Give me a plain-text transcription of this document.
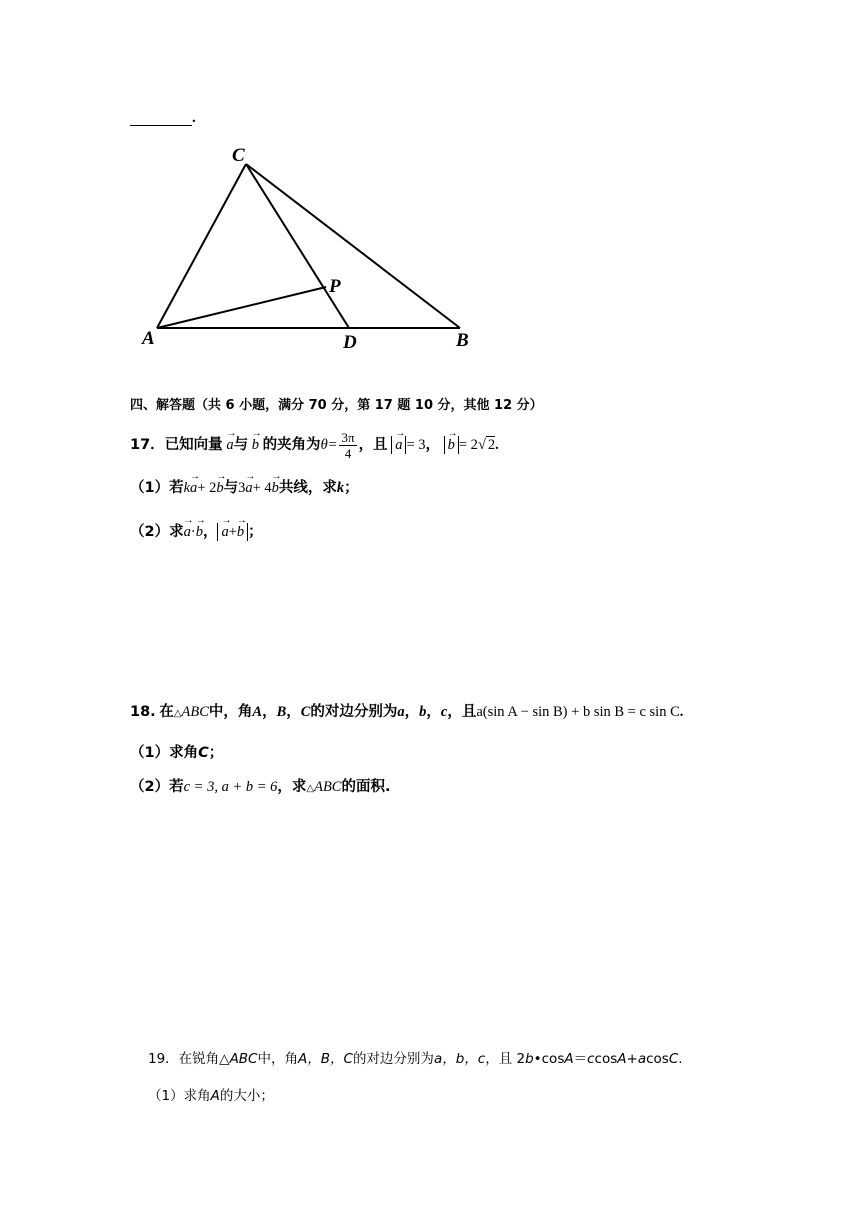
.
C
P
A	D	B
四、解答题（共 6 小题，满分 70 分，第 17 题 10 分，其他 12 分）
17．已知向量 → a与 → b 的夹角为$\theta= \frac{3\pi}{4}$ ，且 → a = 3， → b = 2√ 2.
（1）若k→ a+ 2→ b与3→ a+ 4→ b共线，求k；
（2）求→ a·→ b， → a+→ b ；
18. 在△ABC中，角A，B，C的对边分别为a，b，c，且a(sin A − sin B) + b sin B = c sin C.
（1）求角C；
（2）若c = 3, a + b = 6，求△ABC的面积.
19．在锐角△ABC中，角A，B，C的对边分别为a，b，c，且 2b•cosA＝ccosA+acosC.
（1）求角A的大小；
